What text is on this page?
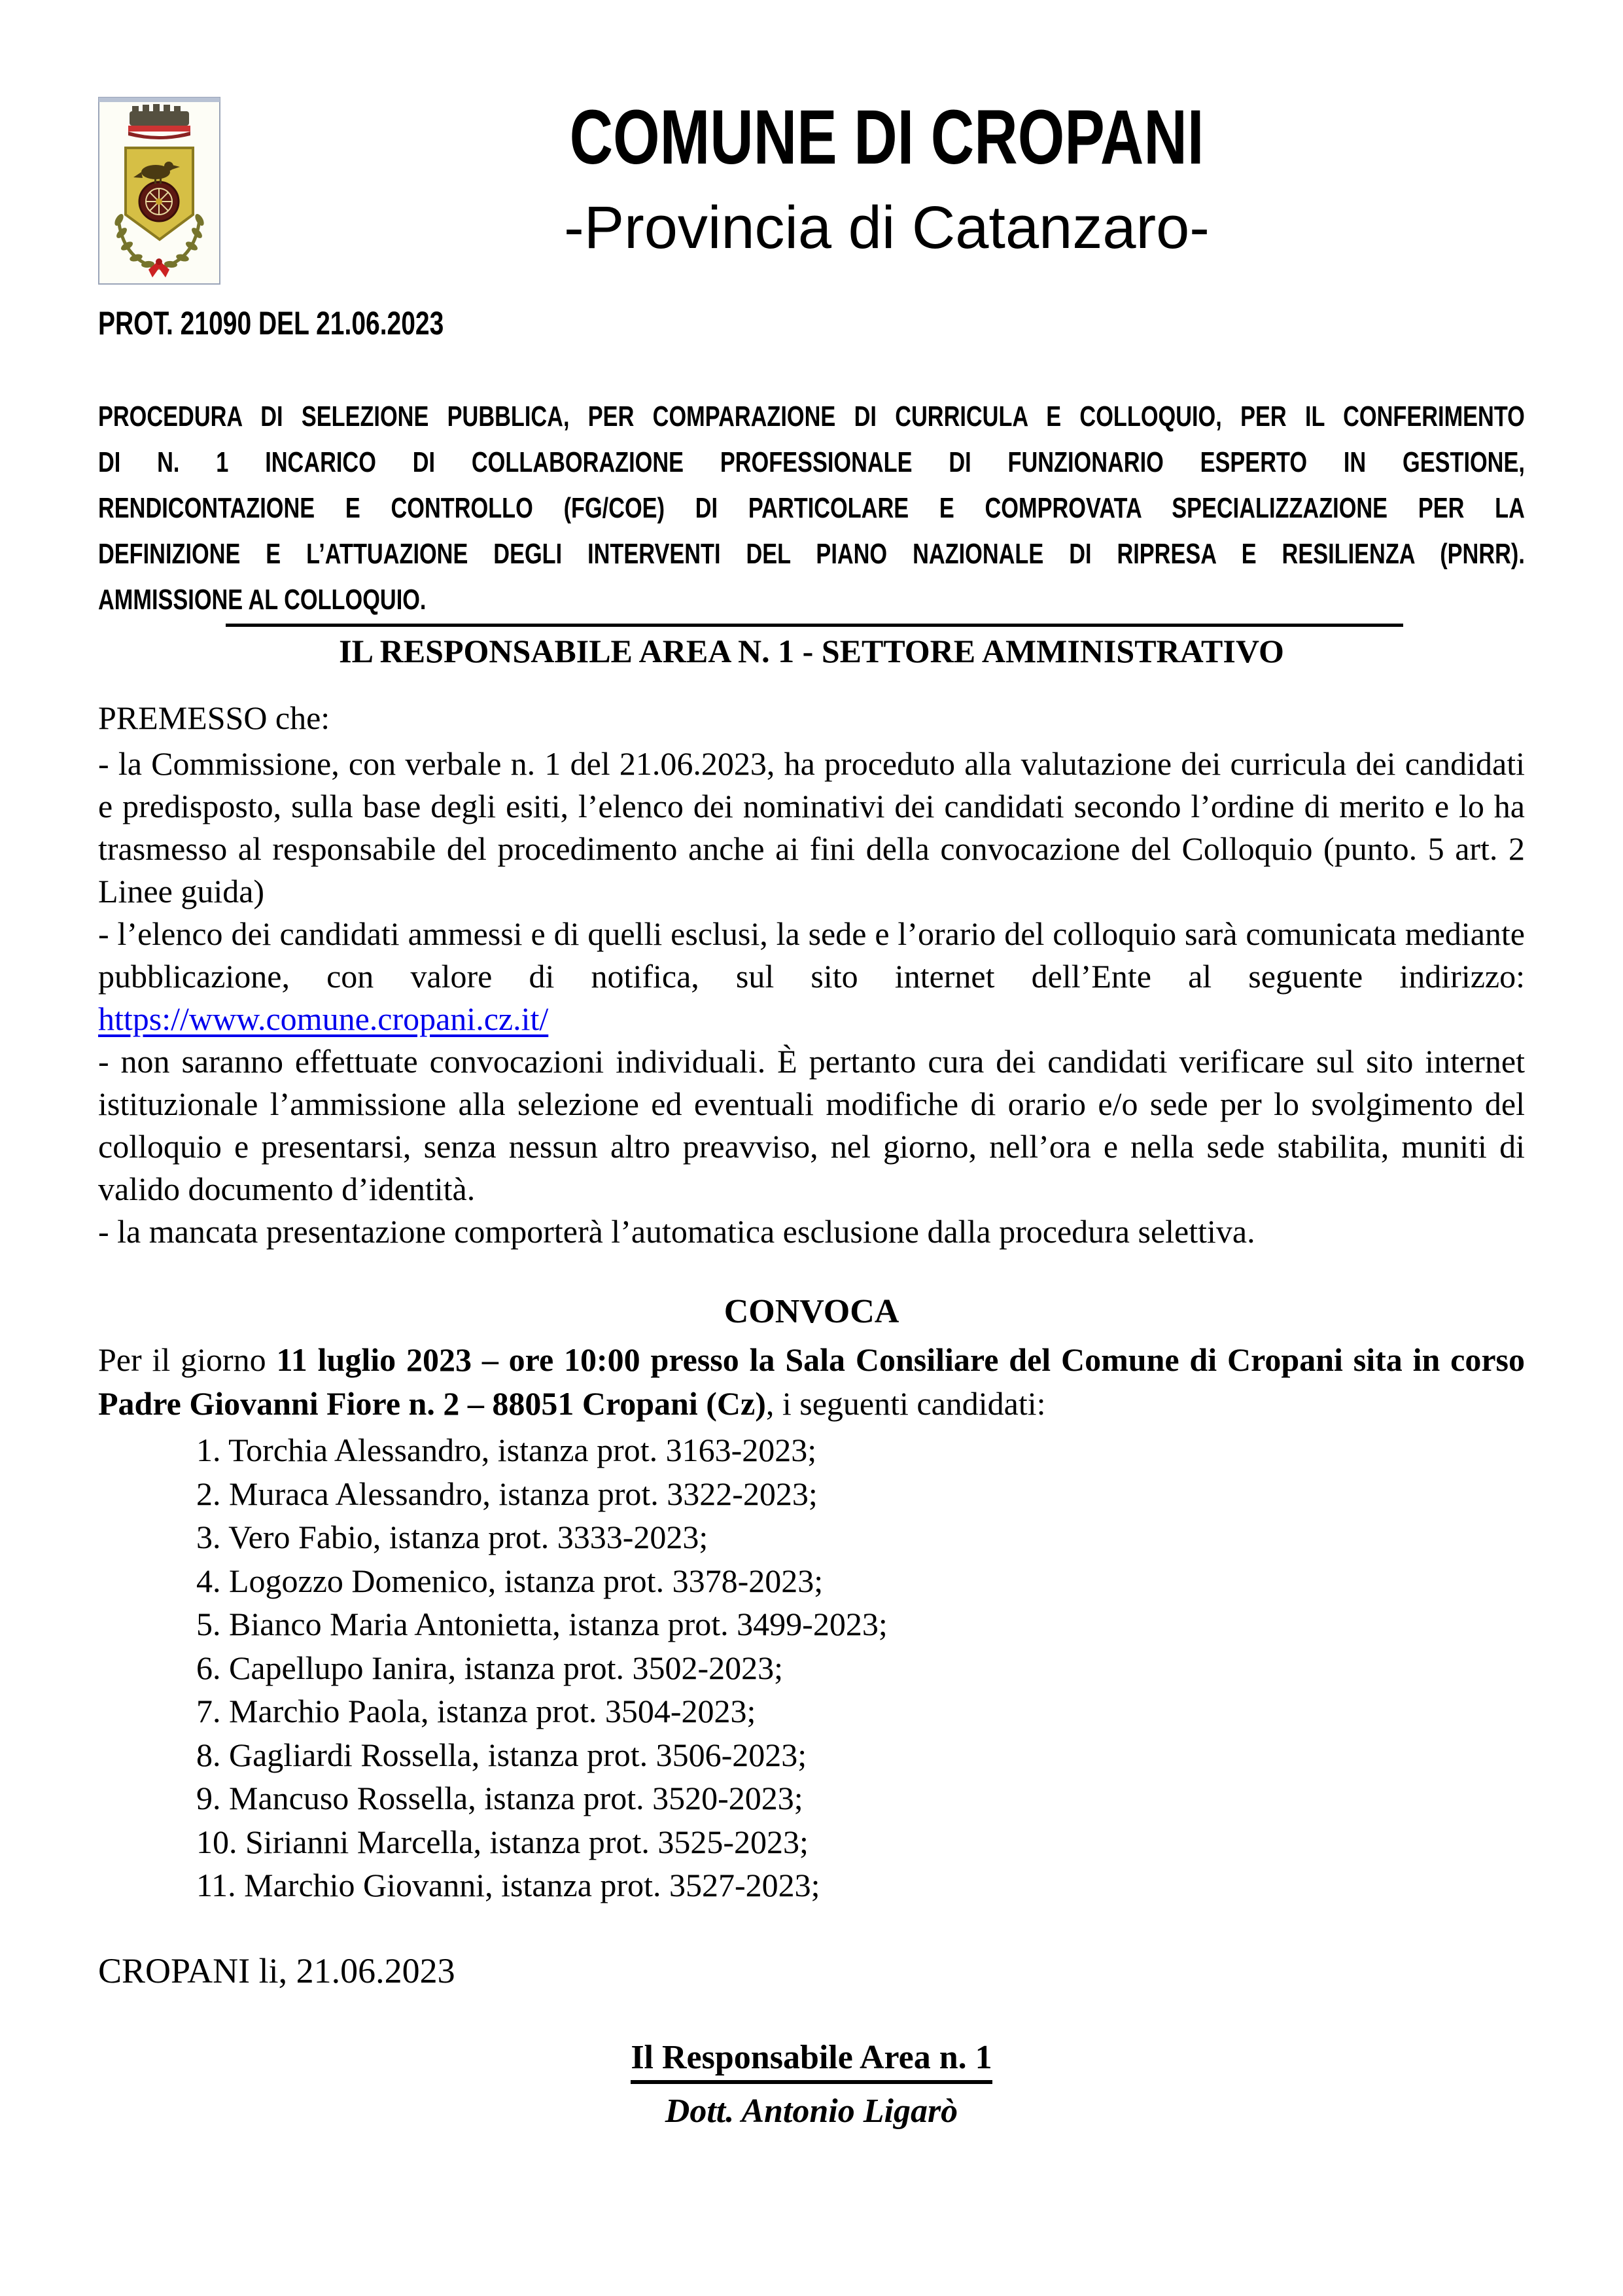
COMUNE DI CROPANI
-Provincia di Catanzaro-
PROT. 21090 DEL 21.06.2023
PROCEDURA DI SELEZIONE PUBBLICA, PER COMPARAZIONE DI CURRICULA E COLLOQUIO, PER IL CONFERIMENTO
DI N. 1 INCARICO DI COLLABORAZIONE PROFESSIONALE DI FUNZIONARIO ESPERTO IN GESTIONE,
RENDICONTAZIONE E CONTROLLO (FG/COE) DI PARTICOLARE E COMPROVATA SPECIALIZZAZIONE PER LA
DEFINIZIONE E L’ATTUAZIONE DEGLI INTERVENTI DEL PIANO NAZIONALE DI RIPRESA E RESILIENZA (PNRR).
AMMISSIONE AL COLLOQUIO.
IL RESPONSABILE AREA N. 1 - SETTORE AMMINISTRATIVO
PREMESSO che:
- la Commissione, con verbale n. 1 del 21.06.2023, ha proceduto alla valutazione dei curricula dei candidati
e predisposto, sulla base degli esiti, l’elenco dei nominativi dei candidati secondo l’ordine di merito e lo ha
trasmesso al responsabile del procedimento anche ai fini della convocazione del Colloquio (punto. 5 art. 2
Linee guida)
- l’elenco dei candidati ammessi e di quelli esclusi, la sede e l’orario del colloquio sarà comunicata mediante
pubblicazione, con valore di notifica, sul sito internet dell’Ente al seguente indirizzo:
https://www.comune.cropani.cz.it/
- non saranno effettuate convocazioni individuali. È pertanto cura dei candidati verificare sul sito internet
istituzionale l’ammissione alla selezione ed eventuali modifiche di orario e/o sede per lo svolgimento del
colloquio e presentarsi, senza nessun altro preavviso, nel giorno, nell’ora e nella sede stabilita, muniti di
valido documento d’identità.
- la mancata presentazione comporterà l’automatica esclusione dalla procedura selettiva.
CONVOCA
Per il giorno 11 luglio 2023 – ore 10:00 presso la Sala Consiliare del Comune di Cropani sita in corso
Padre Giovanni Fiore n. 2 – 88051 Cropani (Cz), i seguenti candidati:
1. Torchia Alessandro, istanza prot. 3163-2023;
2. Muraca Alessandro, istanza prot. 3322-2023;
3. Vero Fabio, istanza prot. 3333-2023;
4. Logozzo Domenico, istanza prot. 3378-2023;
5. Bianco Maria Antonietta, istanza prot. 3499-2023;
6. Capellupo Ianira, istanza prot. 3502-2023;
7. Marchio Paola, istanza prot. 3504-2023;
8. Gagliardi Rossella, istanza prot. 3506-2023;
9. Mancuso Rossella, istanza prot. 3520-2023;
10. Sirianni Marcella, istanza prot. 3525-2023;
11. Marchio Giovanni, istanza prot. 3527-2023;
CROPANI li, 21.06.2023
Il Responsabile Area n. 1
Dott. Antonio Ligarò
